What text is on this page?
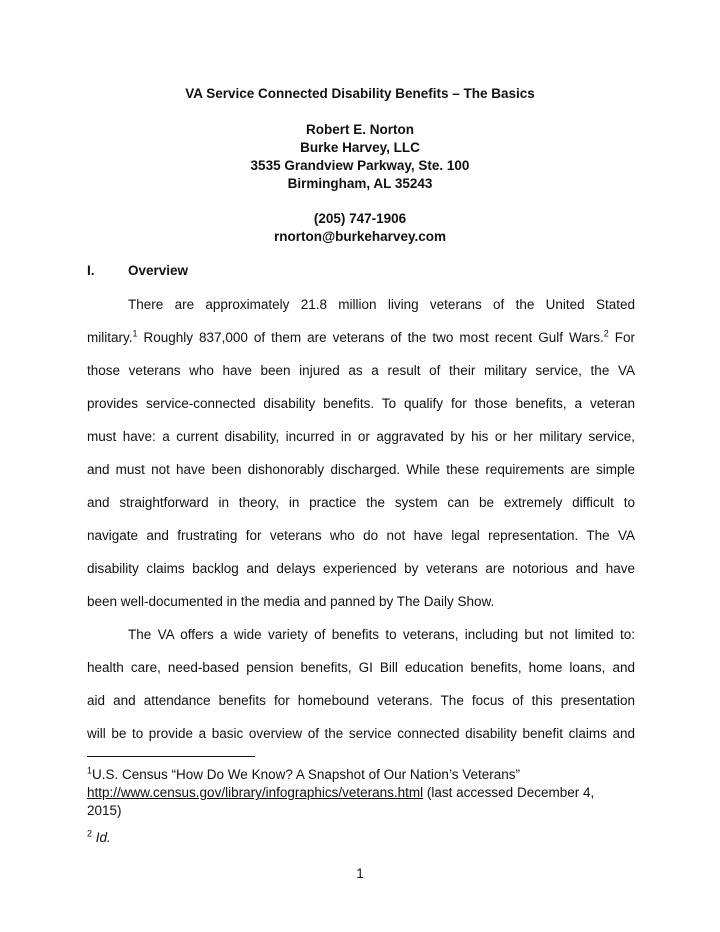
VA Service Connected Disability Benefits – The Basics
Robert E. Norton
Burke Harvey, LLC
3535 Grandview Parkway, Ste. 100
Birmingham, AL 35243
(205) 747-1906
rnorton@burkeharvey.com
I. Overview
There are approximately 21.8 million living veterans of the United Stated
military.$^1$ Roughly 837,000 of them are veterans of the two most recent Gulf Wars.$^2$ For
those veterans who have been injured as a result of their military service, the VA
provides service-connected disability benefits. To qualify for those benefits, a veteran
must have: a current disability, incurred in or aggravated by his or her military service,
and must not have been dishonorably discharged. While these requirements are simple
and straightforward in theory, in practice the system can be extremely difficult to
navigate and frustrating for veterans who do not have legal representation. The VA
disability claims backlog and delays experienced by veterans are notorious and have
been well-documented in the media and panned by The Daily Show.
The VA offers a wide variety of benefits to veterans, including but not limited to:
health care, need-based pension benefits, GI Bill education benefits, home loans, and
aid and attendance benefits for homebound veterans. The focus of this presentation
will be to provide a basic overview of the service connected disability benefit claims and
$^1$U.S. Census “How Do We Know? A Snapshot of Our Nation’s Veterans”
http://www.census.gov/library/infographics/veterans.html (last accessed December 4,
2015)
$^2$ Id.
1
